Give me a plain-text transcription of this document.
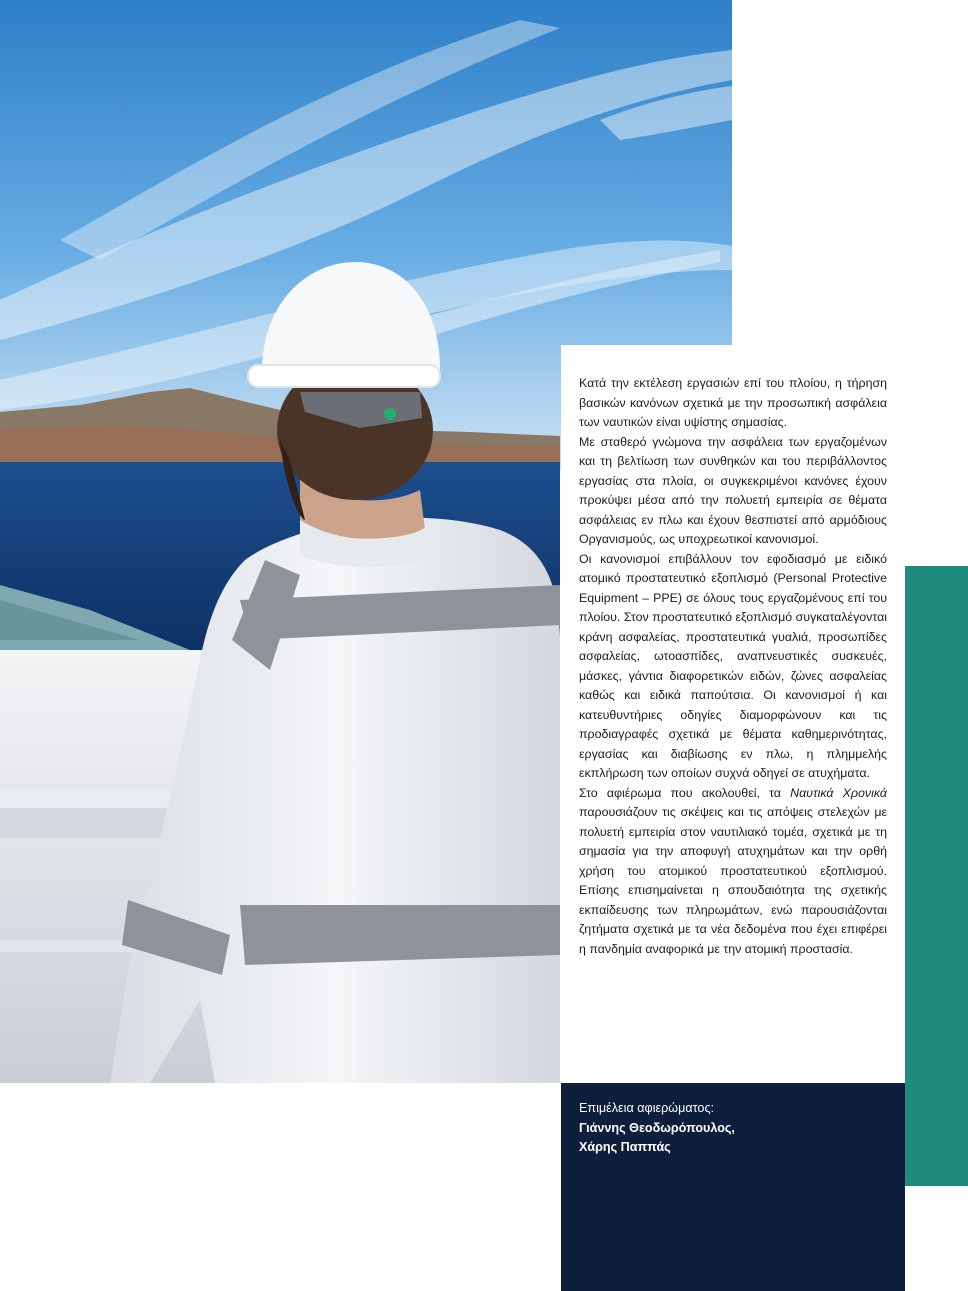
Κατά την εκτέλεση εργασιών επί του πλοίου, η τήρηση βασικών κανόνων σχετικά με την προσωπική ασφάλεια των ναυτικών είναι υψίστης σημασίας.

Με σταθερό γνώμονα την ασφάλεια των εργαζομένων και τη βελτίωση των συνθηκών και του περιβάλλοντος εργασίας στα πλοία, οι συγκεκριμένοι κανόνες έχουν προκύψει μέσα από την πολυετή εμπειρία σε θέματα ασφάλειας εν πλω και έχουν θεσπιστεί από αρμόδιους Οργανισμούς, ως υποχρεωτικοί κανονισμοί.

Οι κανονισμοί επιβάλλουν τον εφοδιασμό με ειδικό ατομικό προστατευτικό εξοπλισμό (Personal Protective Equipment – PPE) σε όλους τους εργαζομένους επί του πλοίου. Στον προστατευτικό εξοπλισμό συγκαταλέγονται κράνη ασφαλείας, προστατευτικά γυαλιά, προσωπίδες ασφαλείας, ωτοασπίδες, αναπνευστικές συσκευές, μάσκες, γάντια διαφορετικών ειδών, ζώνες ασφαλείας καθώς και ειδικά παπούτσια. Οι κανονισμοί ή και κατευθυντήριες οδηγίες διαμορφώνουν και τις προδιαγραφές σχετικά με θέματα καθημερινότητας, εργασίας και διαβίωσης εν πλω, η πλημμελής εκπλήρωση των οποίων συχνά οδηγεί σε ατυχήματα.

Στο αφιέρωμα που ακολουθεί, τα Ναυτικά Χρονικά παρουσιάζουν τις σκέψεις και τις απόψεις στελεχών με πολυετή εμπειρία στον ναυτιλιακό τομέα, σχετικά με τη σημασία για την αποφυγή ατυχημάτων και την ορθή χρήση του ατομικού προστατευτικού εξοπλισμού. Επίσης επισημαίνεται η σπουδαιότητα της σχετικής εκπαίδευσης των πληρωμάτων, ενώ παρουσιάζονται ζητήματα σχετικά με τα νέα δεδομένα που έχει επιφέρει η πανδημία αναφορικά με την ατομική προστασία.

Επιμέλεια αφιερώματος:
Γιάννης Θεοδωρόπουλος,
Χάρης Παππάς
